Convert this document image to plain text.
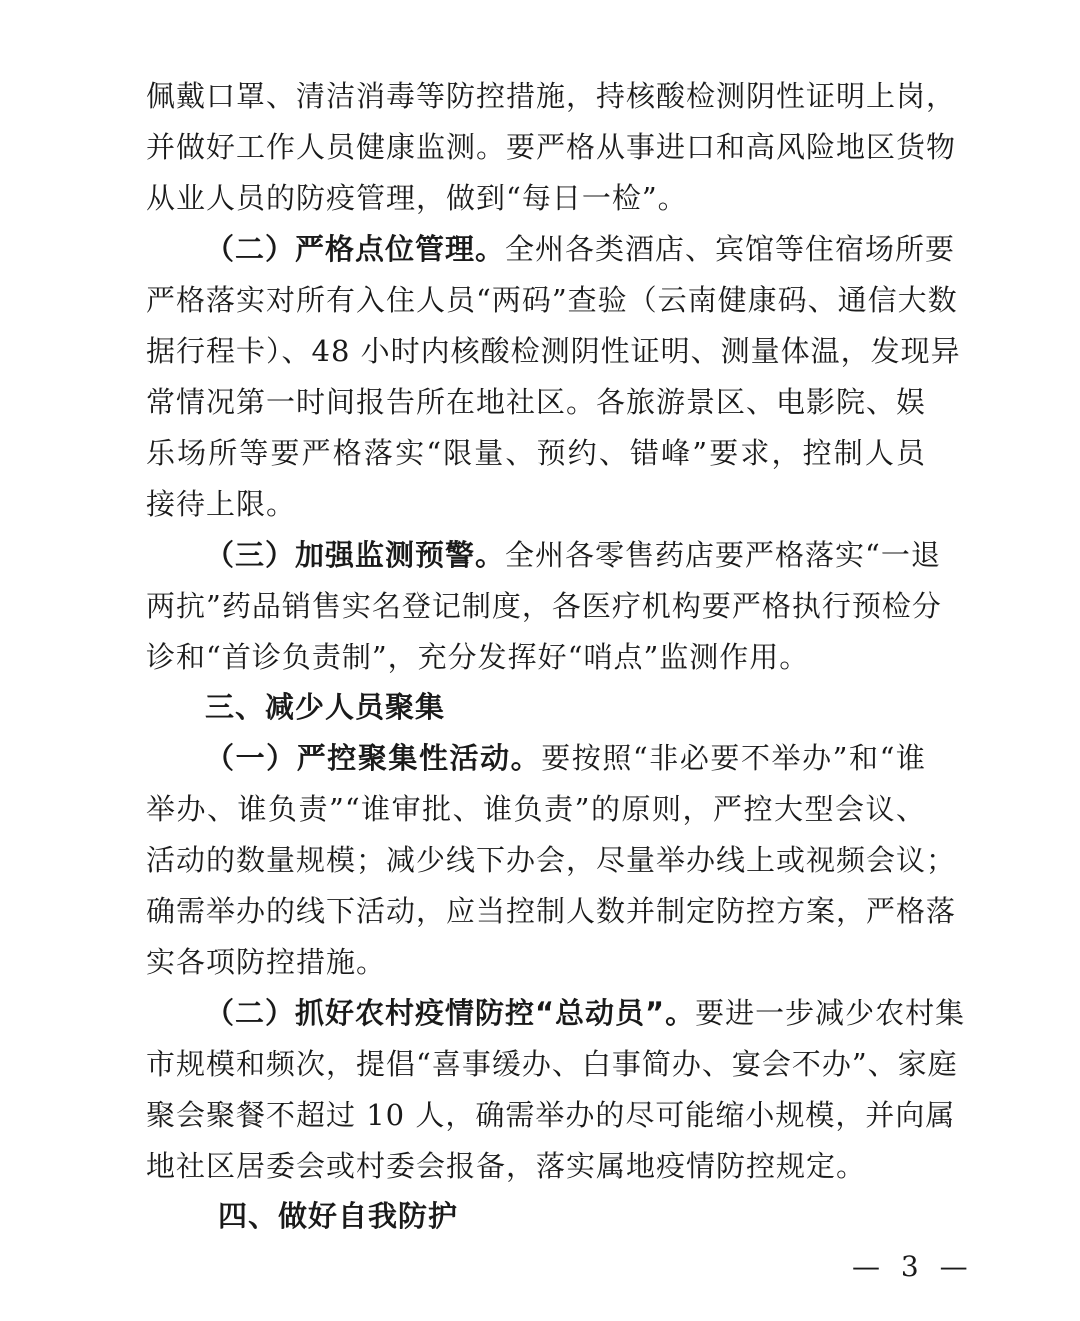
佩戴口罩、清洁消毒等防控措施，持核酸检测阴性证明上岗，
并做好工作人员健康监测。要严格从事进口和高风险地区货物
从业人员的防疫管理，做到“每日一检”。
（二）严格点位管理。全州各类酒店、宾馆等住宿场所要
严格落实对所有入住人员“两码”查验（云南健康码、通信大数
据行程卡）、48 小时内核酸检测阴性证明、测量体温，发现异
常情况第一时间报告所在地社区。各旅游景区、电影院、娱
乐场所等要严格落实“限量、预约、错峰”要求，控制人员
接待上限。
（三）加强监测预警。全州各零售药店要严格落实“一退
两抗”药品销售实名登记制度，各医疗机构要严格执行预检分
诊和“首诊负责制”，充分发挥好“哨点”监测作用。
三、减少人员聚集
（一）严控聚集性活动。要按照“非必要不举办”和“谁
举办、谁负责”“谁审批、谁负责”的原则，严控大型会议、
活动的数量规模；减少线下办会，尽量举办线上或视频会议；
确需举办的线下活动，应当控制人数并制定防控方案，严格落
实各项防控措施。
（二）抓好农村疫情防控“总动员”。要进一步减少农村集
市规模和频次，提倡“喜事缓办、白事简办、宴会不办”、家庭
聚会聚餐不超过 10 人，确需举办的尽可能缩小规模，并向属
地社区居委会或村委会报备，落实属地疫情防控规定。
四、做好自我防护
— 3 —
